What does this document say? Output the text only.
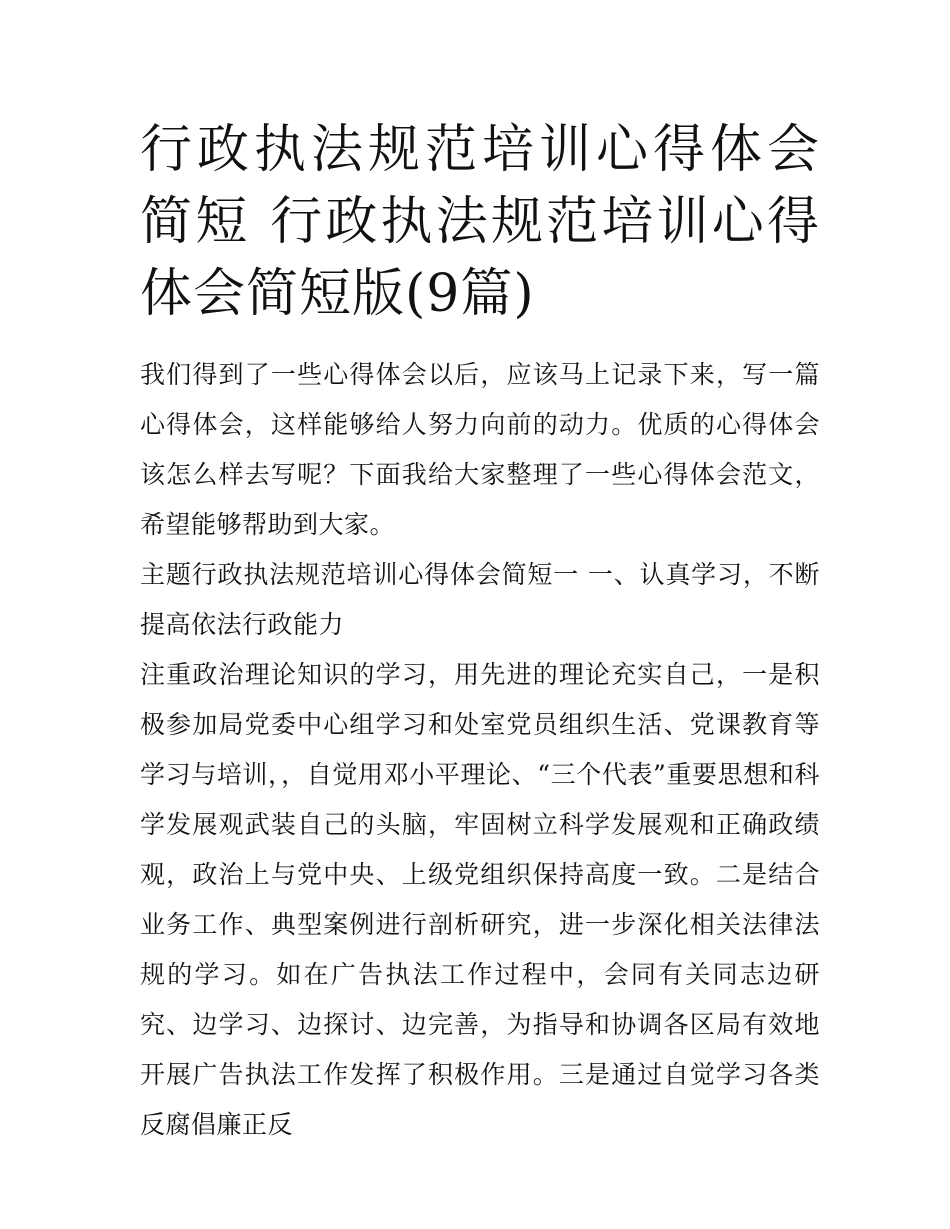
行政执法规范培训心得体会简短 行政执法规范培训心得体会简短版(9篇)

我们得到了一些心得体会以后，应该马上记录下来，写一篇心得体会，这样能够给人努力向前的动力。优质的心得体会该怎么样去写呢？下面我给大家整理了一些心得体会范文，希望能够帮助到大家。

主题行政执法规范培训心得体会简短一 一、认真学习，不断提高依法行政能力

注重政治理论知识的学习，用先进的理论充实自己，一是积极参加局党委中心组学习和处室党员组织生活、党课教育等学习与培训，，自觉用邓小平理论、“三个代表”重要思想和科学发展观武装自己的头脑，牢固树立科学发展观和正确政绩观，政治上与党中央、上级党组织保持高度一致。二是结合业务工作、典型案例进行剖析研究，进一步深化相关法律法规的学习。如在广告执法工作过程中，会同有关同志边研究、边学习、边探讨、边完善，为指导和协调各区局有效地开展广告执法工作发挥了积极作用。三是通过自觉学习各类反腐倡廉正反
